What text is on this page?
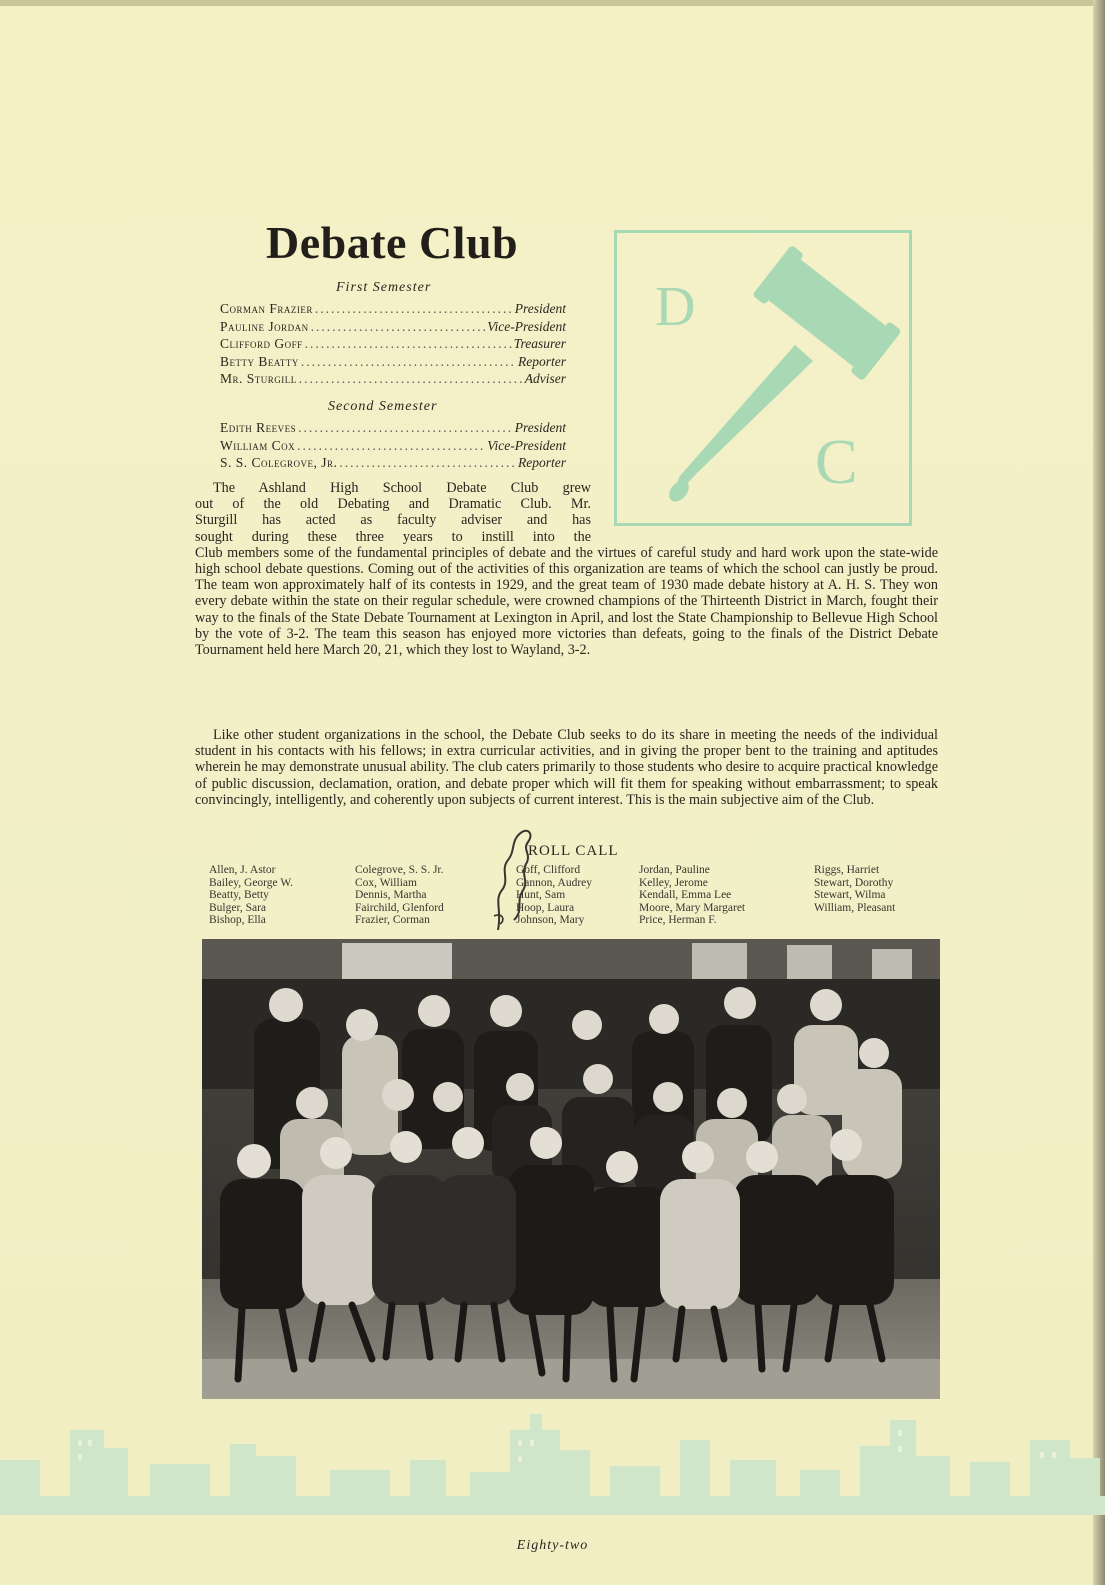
Debate Club
First Semester
Corman Frazier .....	President
Pauline Jordan .....	Vice-President
Clifford Goff .....	Treasurer
Betty Beatty .....	Reporter
Mr. Sturgill .....	Adviser
Second Semester
Edith Reeves .....	President
William Cox .....	Vice-President
S. S. Colegrove, Jr. .....	Reporter
D
C
The Ashland High School Debate Club grew
out of the old Debating and Dramatic Club. Mr.
Sturgill has acted as faculty adviser and has
sought during these three years to instill into the
Club members some of the fundamental principles of debate and the virtues of careful study and hard work upon the state-wide high school debate questions. Coming out of the activities of this organization are teams of which the school can justly be proud. The team won approximately half of its contests in 1929, and the great team of 1930 made debate history at A. H. S. They won every debate within the state on their regular schedule, were crowned champions of the Thirteenth District in March, fought their way to the finals of the State Debate Tournament at Lexington in April, and lost the State Championship to Bellevue High School by the vote of 3-2. The team this season has enjoyed more victories than defeats, going to the finals of the District Debate Tournament held here March 20, 21, which they lost to Wayland, 3-2.
Like other student organizations in the school, the Debate Club seeks to do its share in meeting the needs of the individual student in his contacts with his fellows; in extra curricular activities, and in giving the proper bent to the training and aptitudes wherein he may demonstrate unusual ability. The club caters primarily to those students who desire to acquire practical knowledge of public discussion, declamation, oration, and debate proper which will fit them for speaking without embarrassment; to speak convincingly, intelligently, and coherently upon subjects of current interest. This is the main subjective aim of the Club.
ROLL CALL
Allen, J. Astor
Bailey, George W.
Beatty, Betty
Bulger, Sara
Bishop, Ella
Colegrove, S. S. Jr.
Cox, William
Dennis, Martha
Fairchild, Glenford
Frazier, Corman
Goff, Clifford
Gannon, Audrey
Hunt, Sam
Hoop, Laura
Johnson, Mary
Jordan, Pauline
Kelley, Jerome
Kendall, Emma Lee
Moore, Mary Margaret
Price, Herman F.
Riggs, Harriet
Stewart, Dorothy
Stewart, Wilma
William, Pleasant
Eighty-two
